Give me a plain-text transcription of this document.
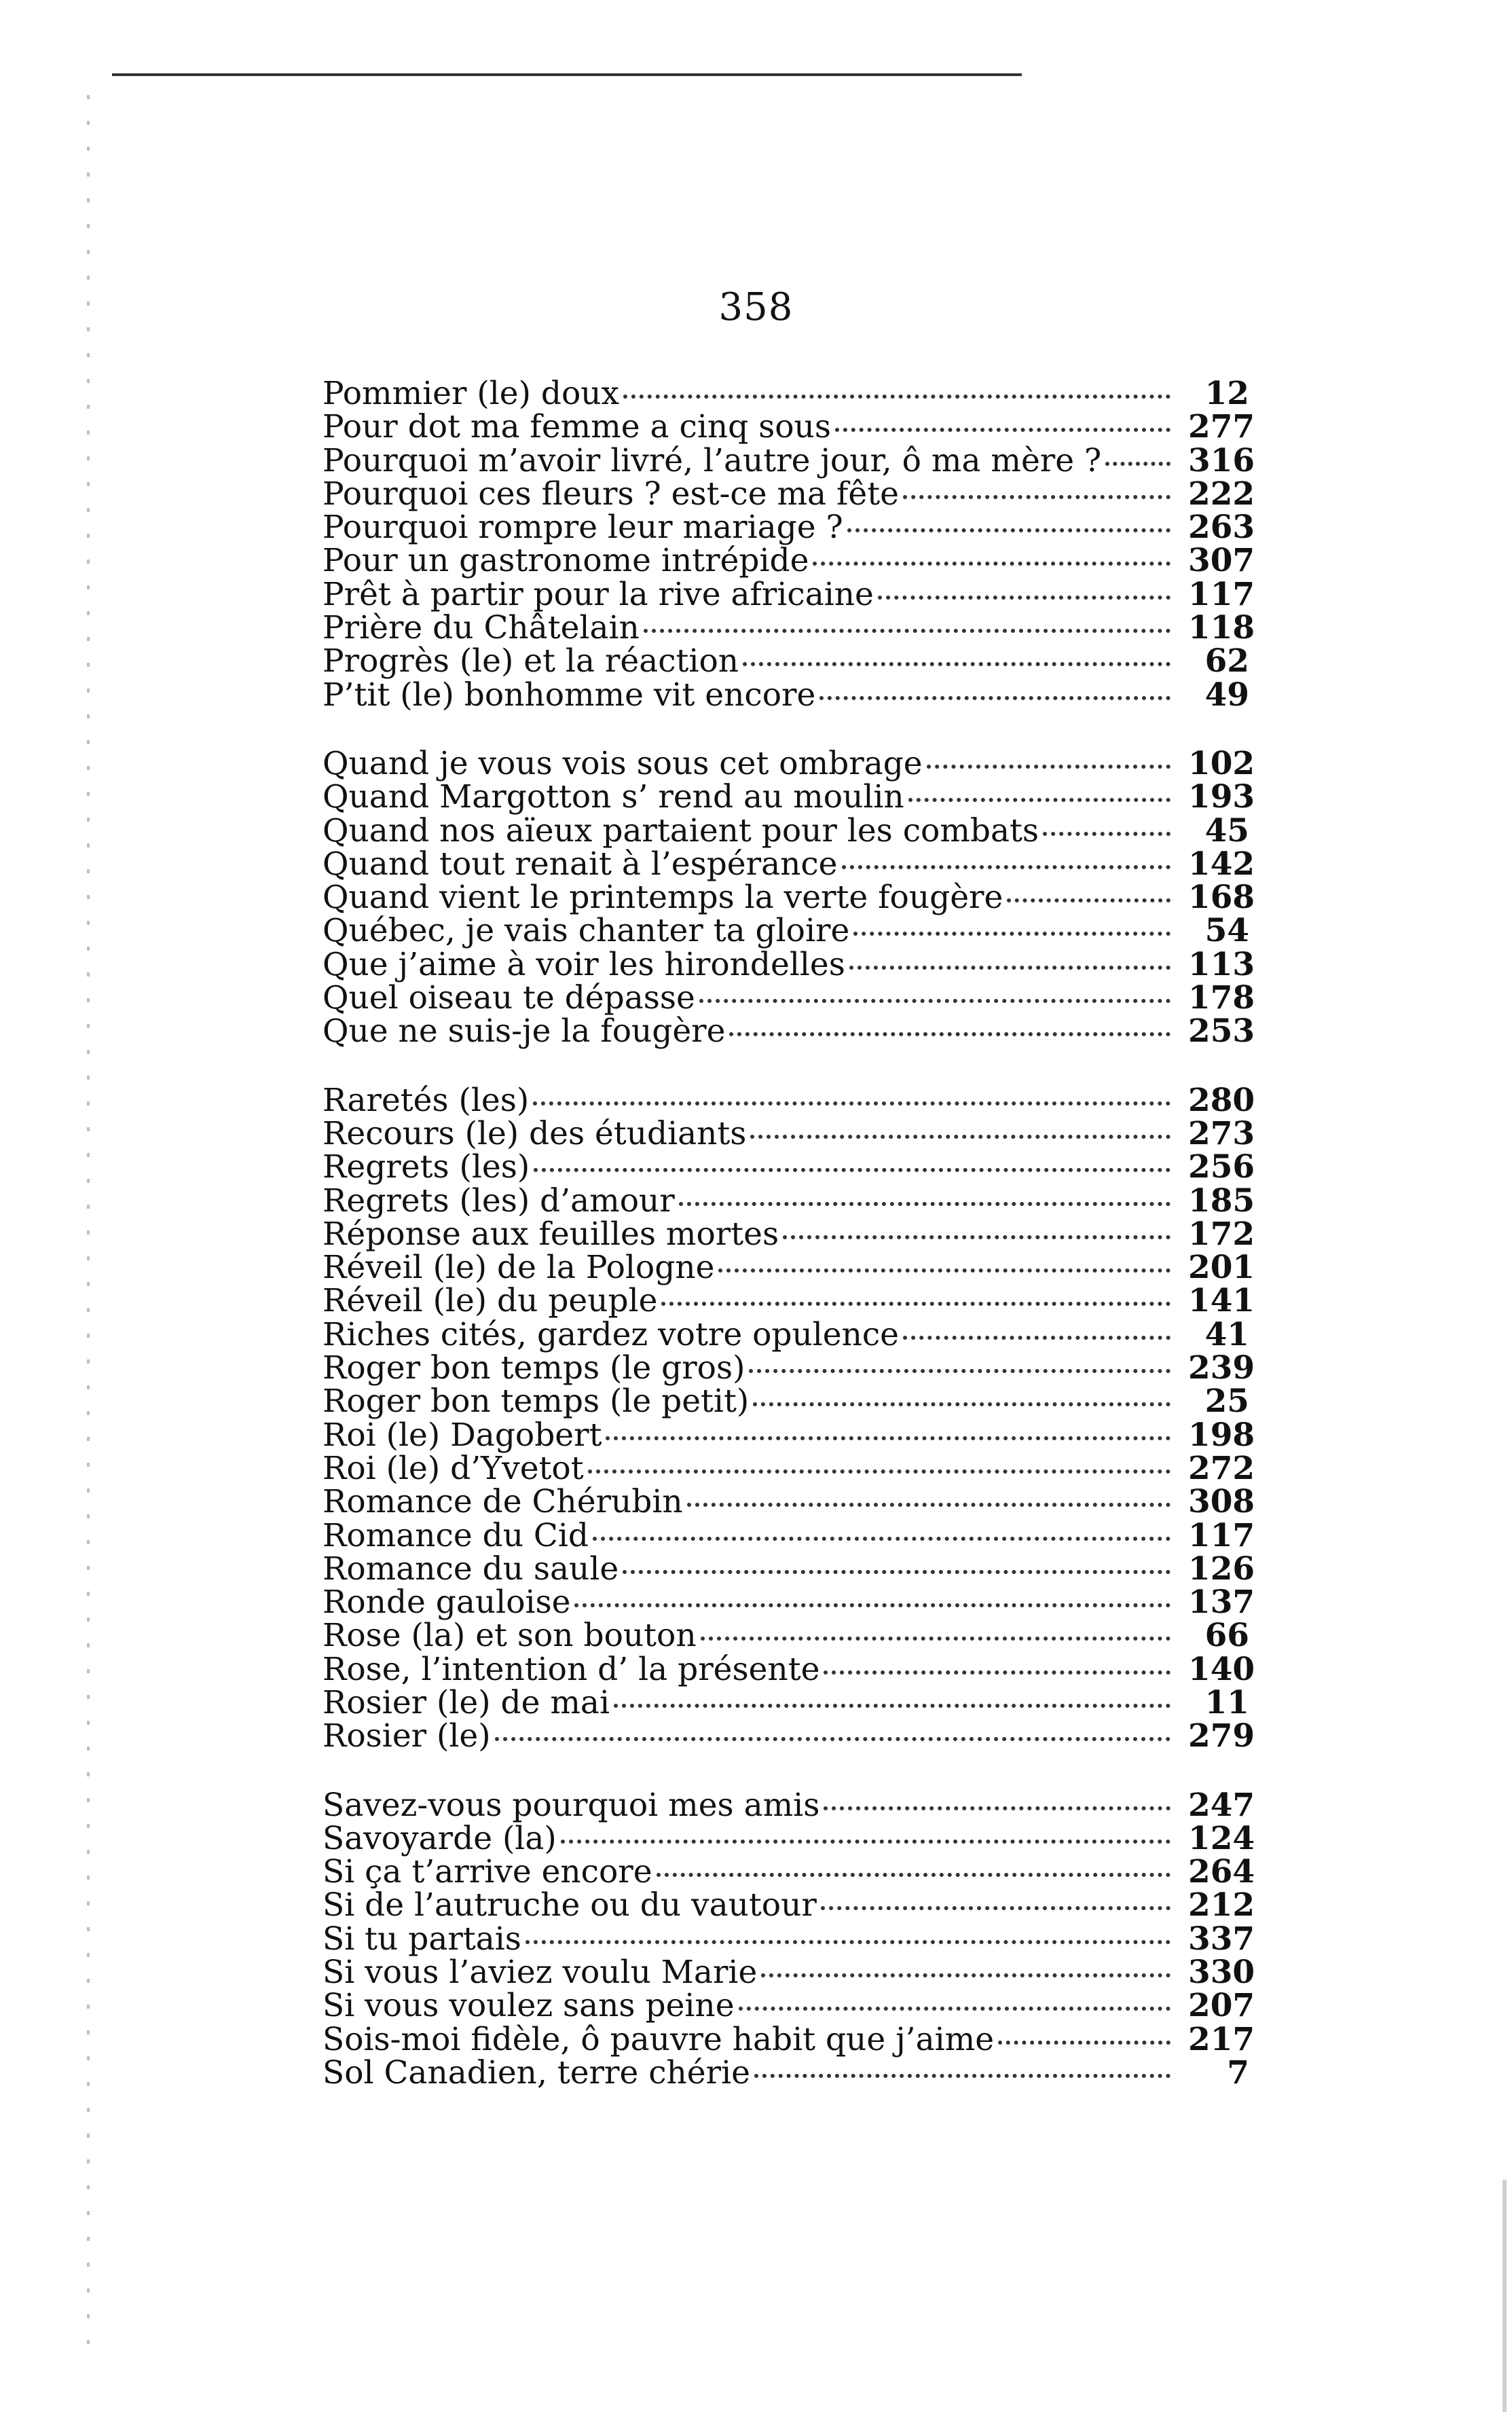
358
Pommier (le) doux	12
Pour dot ma femme a cinq sous	277
Pourquoi m’avoir livré, l’autre jour, ô ma mère ?	316
Pourquoi ces fleurs ? est-ce ma fête	222
Pourquoi rompre leur mariage ?	263
Pour un gastronome intrépide	307
Prêt à partir pour la rive africaine	117
Prière du Châtelain	118
Progrès (le) et la réaction	62
P’tit (le) bonhomme vit encore	49
Quand je vous vois sous cet ombrage	102
Quand Margotton s’ rend au moulin	193
Quand nos aïeux partaient pour les combats	45
Quand tout renait à l’espérance	142
Quand vient le printemps la verte fougère	168
Québec, je vais chanter ta gloire	54
Que j’aime à voir les hirondelles	113
Quel oiseau te dépasse	178
Que ne suis-je la fougère	253
Raretés (les)	280
Recours (le) des étudiants	273
Regrets (les)	256
Regrets (les) d’amour	185
Réponse aux feuilles mortes	172
Réveil (le) de la Pologne	201
Réveil (le) du peuple	141
Riches cités, gardez votre opulence	41
Roger bon temps (le gros)	239
Roger bon temps (le petit)	25
Roi (le) Dagobert	198
Roi (le) d’Yvetot	272
Romance de Chérubin	308
Romance du Cid	117
Romance du saule	126
Ronde gauloise	137
Rose (la) et son bouton	66
Rose, l’intention d’ la présente	140
Rosier (le) de mai	11
Rosier (le)	279
Savez-vous pourquoi mes amis	247
Savoyarde (la)	124
Si ça t’arrive encore	264
Si de l’autruche ou du vautour	212
Si tu partais	337
Si vous l’aviez voulu Marie	330
Si vous voulez sans peine	207
Sois-moi fidèle, ô pauvre habit que j’aime	217
Sol Canadien, terre chérie	7
